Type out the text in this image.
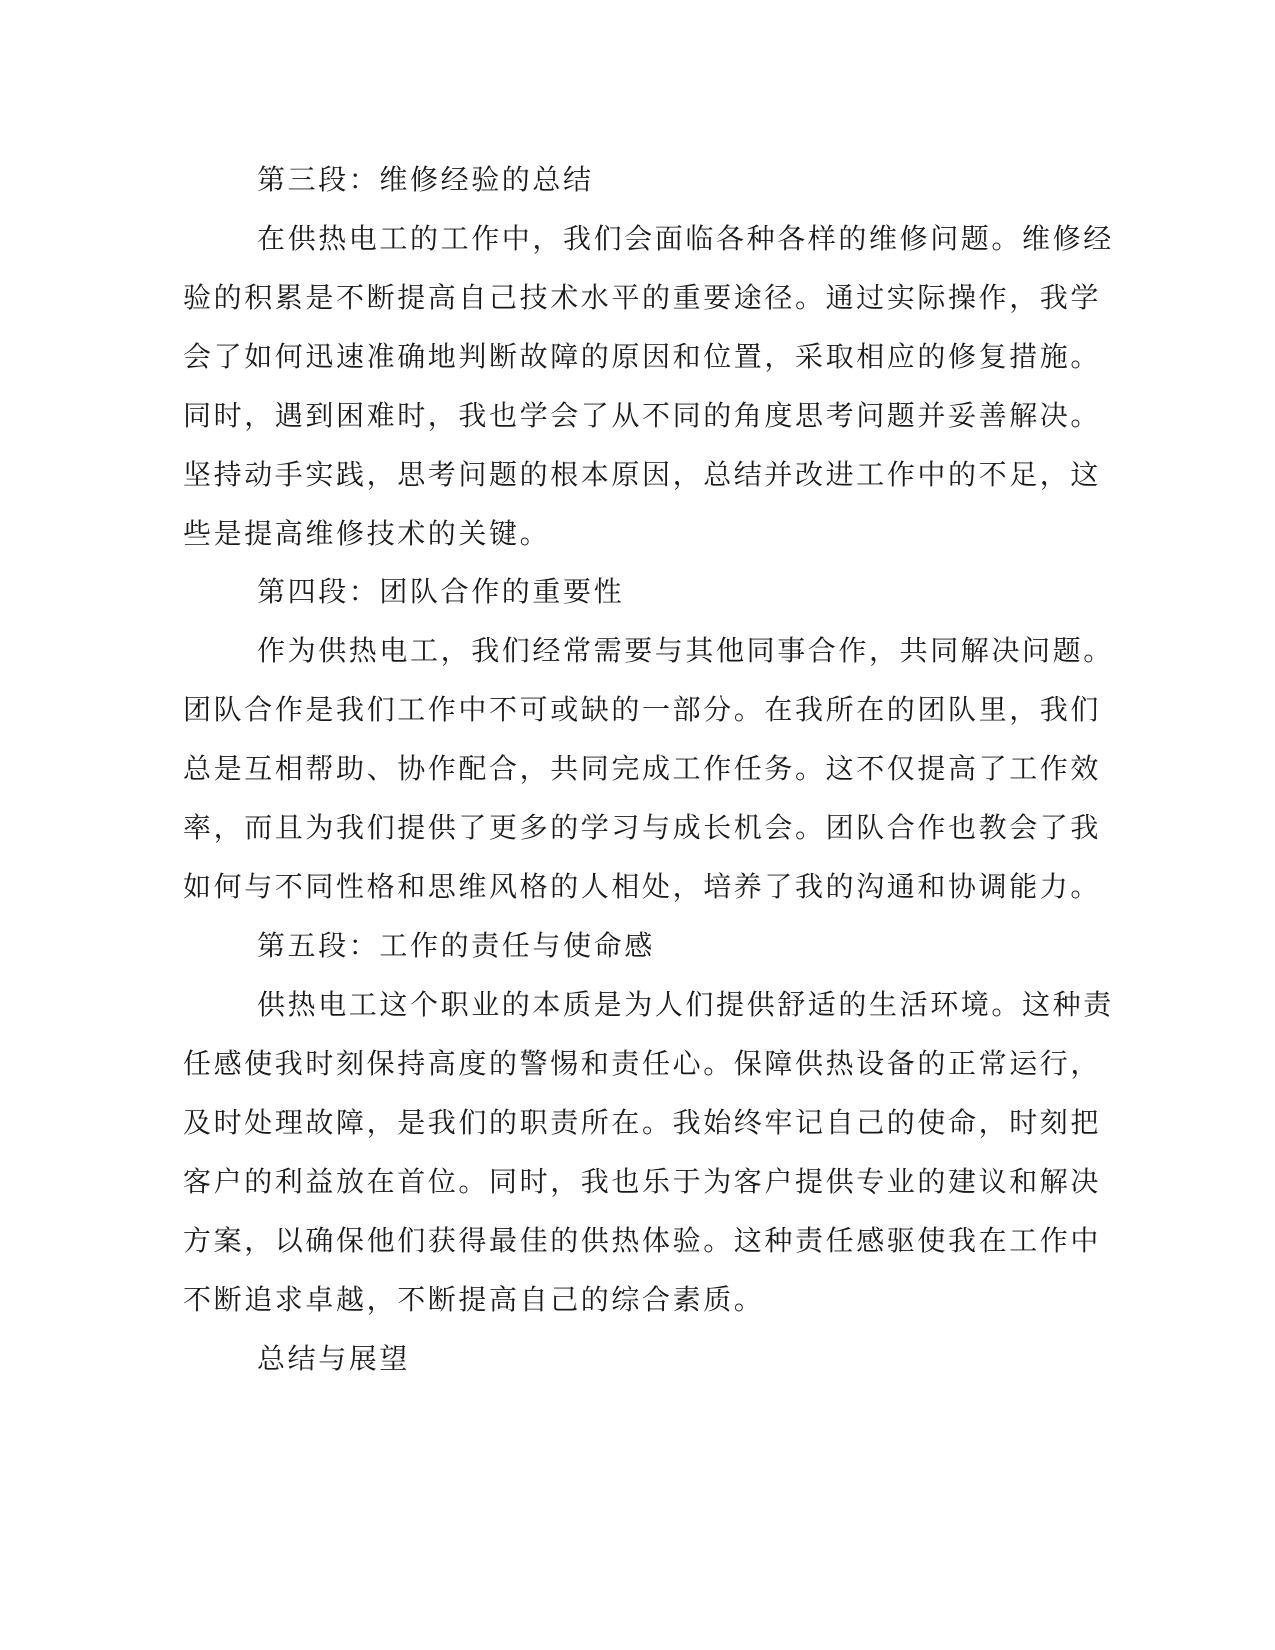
第三段：维修经验的总结

在供热电工的工作中，我们会面临各种各样的维修问题。维修经

验的积累是不断提高自己技术水平的重要途径。通过实际操作，我学

会了如何迅速准确地判断故障的原因和位置，采取相应的修复措施。

同时，遇到困难时，我也学会了从不同的角度思考问题并妥善解决。

坚持动手实践，思考问题的根本原因，总结并改进工作中的不足，这

些是提高维修技术的关键。

第四段：团队合作的重要性

作为供热电工，我们经常需要与其他同事合作，共同解决问题。

团队合作是我们工作中不可或缺的一部分。在我所在的团队里，我们

总是互相帮助、协作配合，共同完成工作任务。这不仅提高了工作效

率，而且为我们提供了更多的学习与成长机会。团队合作也教会了我

如何与不同性格和思维风格的人相处，培养了我的沟通和协调能力。

第五段：工作的责任与使命感

供热电工这个职业的本质是为人们提供舒适的生活环境。这种责

任感使我时刻保持高度的警惕和责任心。保障供热设备的正常运行，

及时处理故障，是我们的职责所在。我始终牢记自己的使命，时刻把

客户的利益放在首位。同时，我也乐于为客户提供专业的建议和解决

方案，以确保他们获得最佳的供热体验。这种责任感驱使我在工作中

不断追求卓越，不断提高自己的综合素质。

总结与展望
